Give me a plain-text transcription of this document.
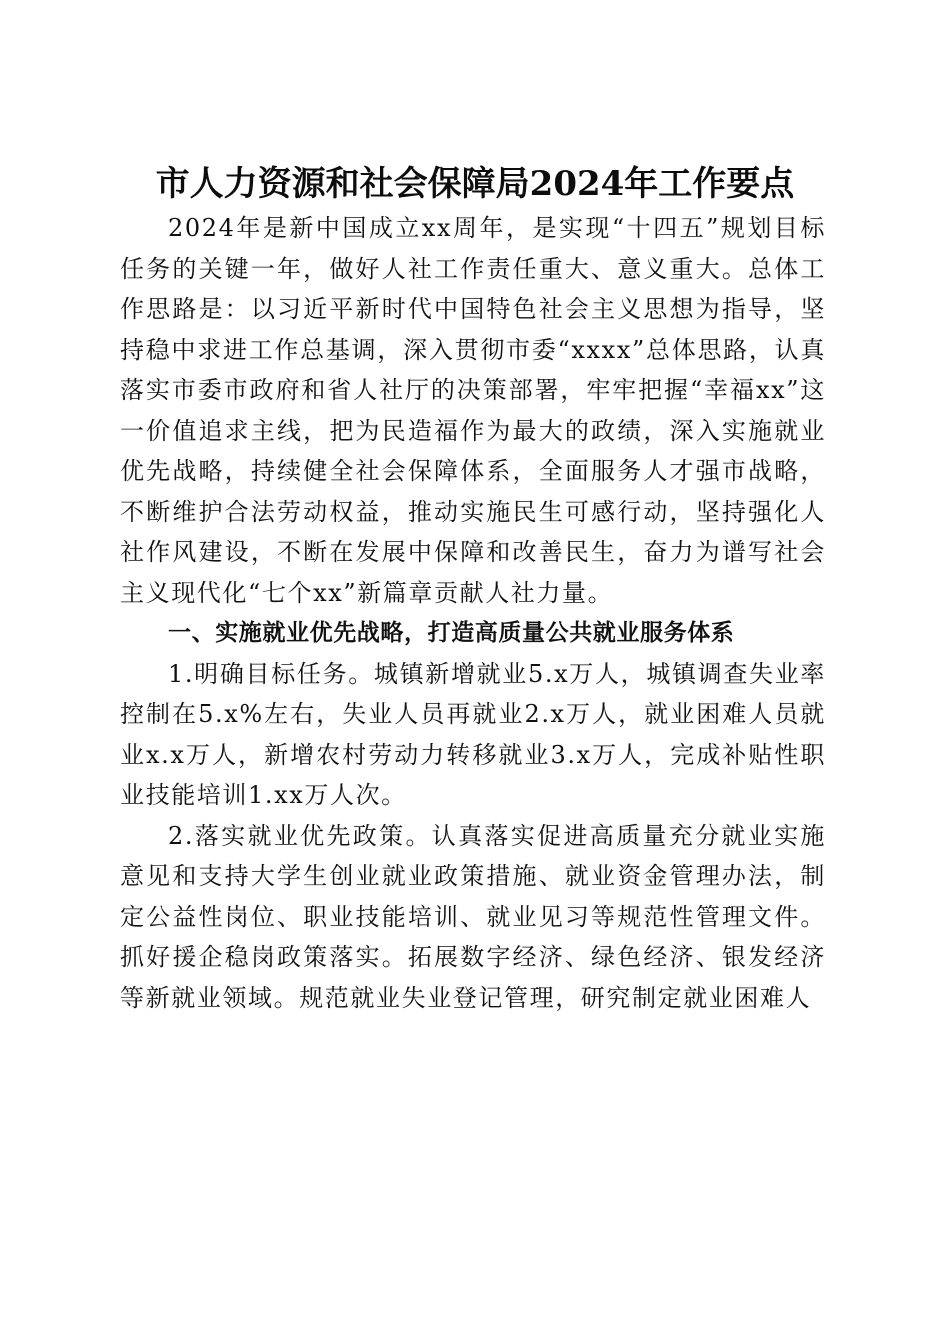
市人力资源和社会保障局2024年工作要点

2024年是新中国成立xx周年，是实现“十四五”规划目标任务的关键一年，做好人社工作责任重大、意义重大。总体工作思路是：以习近平新时代中国特色社会主义思想为指导，坚持稳中求进工作总基调，深入贯彻市委“xxxx”总体思路，认真落实市委市政府和省人社厅的决策部署，牢牢把握“幸福xx”这一价值追求主线，把为民造福作为最大的政绩，深入实施就业优先战略，持续健全社会保障体系，全面服务人才强市战略，不断维护合法劳动权益，推动实施民生可感行动，坚持强化人社作风建设，不断在发展中保障和改善民生，奋力为谱写社会主义现代化“七个xx”新篇章贡献人社力量。

一、实施就业优先战略，打造高质量公共就业服务体系

1.明确目标任务。城镇新增就业5.x万人，城镇调查失业率控制在5.x%左右，失业人员再就业2.x万人，就业困难人员就业x.x万人，新增农村劳动力转移就业3.x万人，完成补贴性职业技能培训1.xx万人次。

2.落实就业优先政策。认真落实促进高质量充分就业实施意见和支持大学生创业就业政策措施、就业资金管理办法，制定公益性岗位、职业技能培训、就业见习等规范性管理文件。抓好援企稳岗政策落实。拓展数字经济、绿色经济、银发经济等新就业领域。规范就业失业登记管理，研究制定就业困难人
